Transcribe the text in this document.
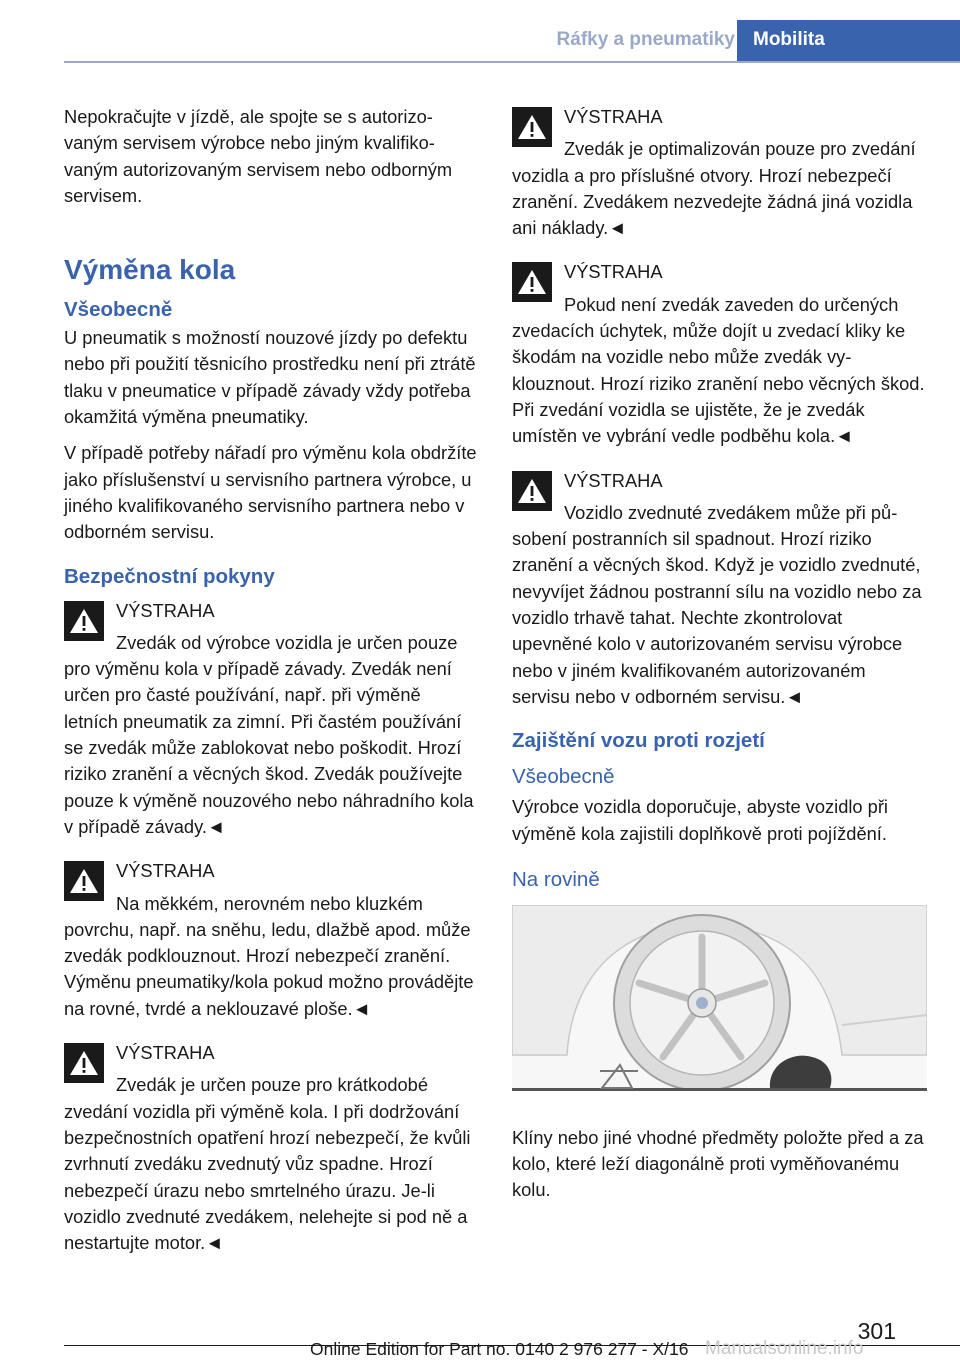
Ráfky a pneumatiky Mobilita

Nepokračujte v jízdě, ale spojte se s autorizovaným servisem výrobce nebo jiným kvalifikovaným autorizovaným servisem nebo odborným servisem.

Výměna kola
Všeobecně

U pneumatik s možností nouzové jízdy po defektu nebo při použití těsnicího prostředku není při ztrátě tlaku v pneumatice v případě závady vždy potřeba okamžitá výměna pneumatiky.

V případě potřeby nářadí pro výměnu kola obdržíte jako příslušenství u servisního partnera výrobce, u jiného kvalifikovaného servisního partnera nebo v odborném servisu.

Bezpečnostní pokyny
VÝSTRAHA
Zvedák od výrobce vozidla je určen pouze pro výměnu kola v případě závady. Zvedák není určen pro časté používání, např. při výměně letních pneumatik za zimní. Při častém používání se zvedák může zablokovat nebo poškodit. Hrozí riziko zranění a věcných škod. Zvedák používejte pouze k výměně nouzového nebo náhradního kola v případě závady.◄
VÝSTRAHA
Na měkkém, nerovném nebo kluzkém povrchu, např. na sněhu, ledu, dlažbě apod. může zvedák podklouznout. Hrozí nebezpečí zranění. Výměnu pneumatiky/kola pokud možno provádějte na rovné, tvrdé a neklouzavé ploše.◄
VÝSTRAHA
Zvedák je určen pouze pro krátkodobé zvedání vozidla při výměně kola. I při dodržování bezpečnostních opatření hrozí nebezpečí, že kvůli zvrhnutí zvedáku zvednutý vůz spadne. Hrozí nebezpečí úrazu nebo smrtelného úrazu. Je-li vozidlo zvednuté zvedákem, nelehejte si pod ně a nestartujte motor.◄
VÝSTRAHA
Zvedák je optimalizován pouze pro zvedání vozidla a pro příslušné otvory. Hrozí nebezpečí zranění. Zvedákem nezvedejte žádná jiná vozidla ani náklady.◄
VÝSTRAHA
Pokud není zvedák zaveden do určených zvedacích úchytek, může dojít u zvedací kliky ke škodám na vozidle nebo může zvedák vyklouznout. Hrozí riziko zranění nebo věcných škod. Při zvedání vozidla se ujistěte, že je zvedák umístěn ve vybrání vedle podběhu kola.◄
VÝSTRAHA
Vozidlo zvednuté zvedákem může při působení postranních sil spadnout. Hrozí riziko zranění a věcných škod. Když je vozidlo zvednuté, nevyvíjet žádnou postranní sílu na vozidlo nebo za vozidlo trhavě tahat. Nechte zkontrolovat upevněné kolo v autorizovaném servisu výrobce nebo v jiném kvalifikovaném autorizovaném servisu nebo v odborném servisu.◄
Zajištění vozu proti rozjetí
Všeobecně

Výrobce vozidla doporučuje, abyste vozidlo při výměně kola zajistili doplňkově proti pojíždění.

Na rovině

Klíny nebo jiné vhodné předměty položte před a za kolo, které leží diagonálně proti vyměňovanému kolu.

301
Online Edition for Part no. 0140 2 976 277 - X/16 Manualsonline.info
